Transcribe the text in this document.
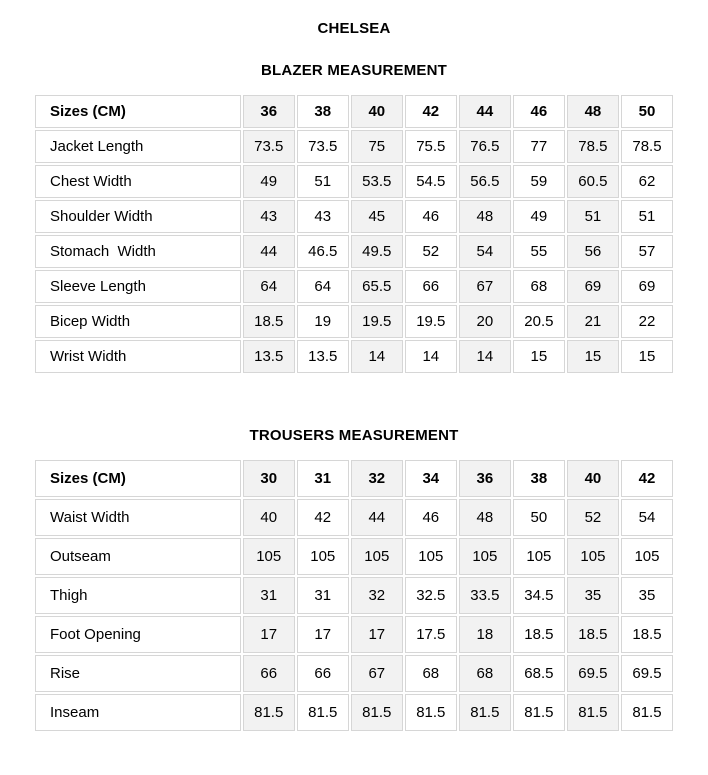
CHELSEA
BLAZER MEASUREMENT
Sizes (CM)	36	38	40	42	44	46	48	50
Jacket Length	73.5	73.5	75	75.5	76.5	77	78.5	78.5
Chest Width	49	51	53.5	54.5	56.5	59	60.5	62
Shoulder Width	43	43	45	46	48	49	51	51
Stomach  Width	44	46.5	49.5	52	54	55	56	57
Sleeve Length	64	64	65.5	66	67	68	69	69
Bicep Width	18.5	19	19.5	19.5	20	20.5	21	22
Wrist Width	13.5	13.5	14	14	14	15	15	15
TROUSERS MEASUREMENT
Sizes (CM)	30	31	32	34	36	38	40	42
Waist Width	40	42	44	46	48	50	52	54
Outseam	105	105	105	105	105	105	105	105
Thigh	31	31	32	32.5	33.5	34.5	35	35
Foot Opening	17	17	17	17.5	18	18.5	18.5	18.5
Rise	66	66	67	68	68	68.5	69.5	69.5
Inseam	81.5	81.5	81.5	81.5	81.5	81.5	81.5	81.5
